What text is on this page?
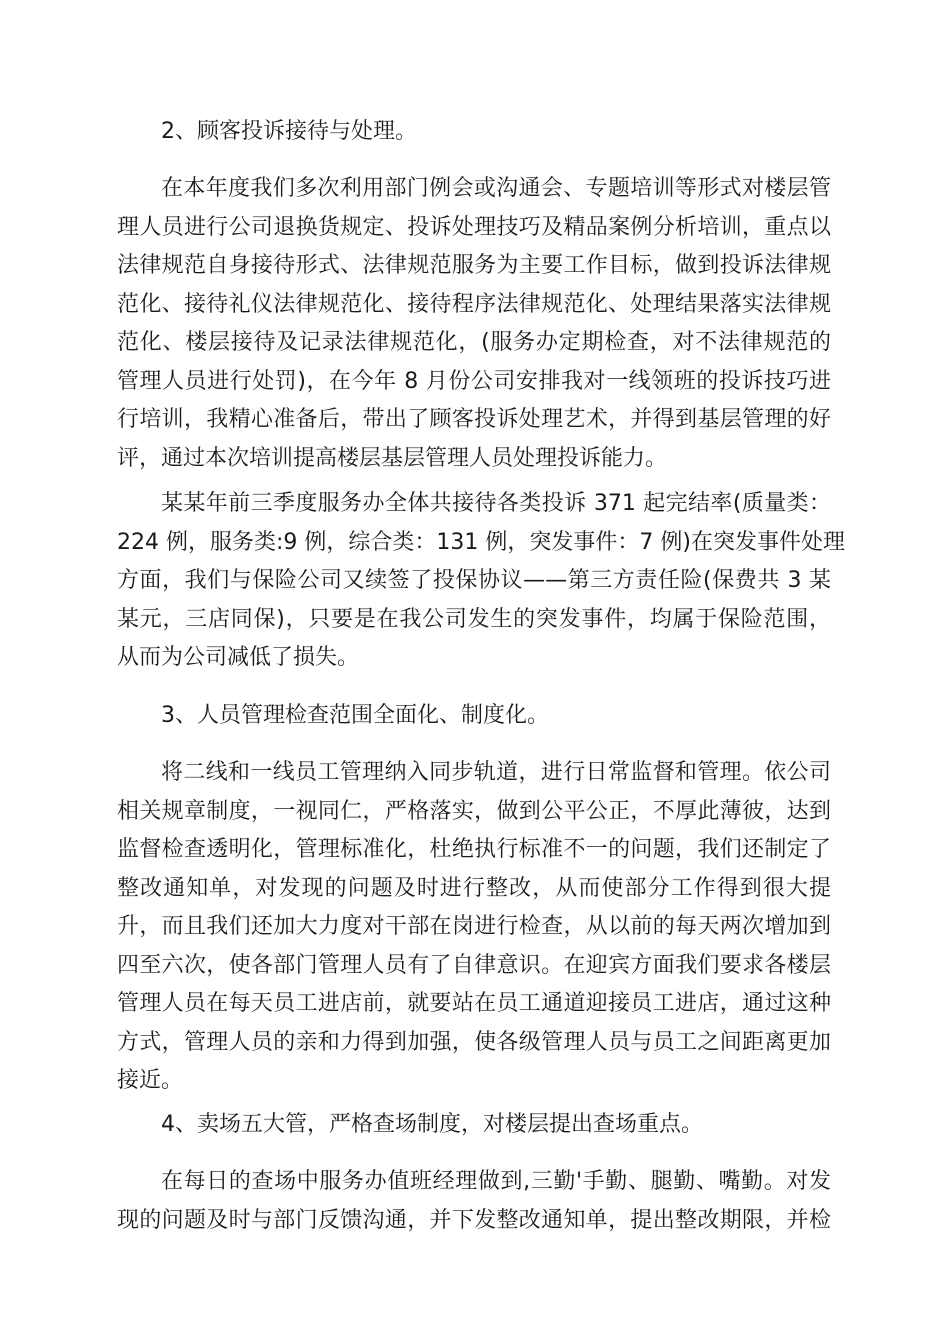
2、顾客投诉接待与处理。

在本年度我们多次利用部门例会或沟通会、专题培训等形式对楼层管
理人员进行公司退换货规定、投诉处理技巧及精品案例分析培训，重点以
法律规范自身接待形式、法律规范服务为主要工作目标，做到投诉法律规
范化、接待礼仪法律规范化、接待程序法律规范化、处理结果落实法律规
范化、楼层接待及记录法律规范化，(服务办定期检查，对不法律规范的
管理人员进行处罚)，在今年 8 月份公司安排我对一线领班的投诉技巧进
行培训，我精心准备后，带出了顾客投诉处理艺术，并得到基层管理的好
评，通过本次培训提高楼层基层管理人员处理投诉能力。
某某年前三季度服务办全体共接待各类投诉 371 起完结率(质量类：
224 例，服务类:9 例，综合类：131 例，突发事件：7 例)在突发事件处理
方面，我们与保险公司又续签了投保协议——第三方责任险(保费共 3 某
某元，三店同保)，只要是在我公司发生的突发事件，均属于保险范围，
从而为公司减低了损失。

3、人员管理检查范围全面化、制度化。

将二线和一线员工管理纳入同步轨道，进行日常监督和管理。依公司
相关规章制度，一视同仁，严格落实，做到公平公正，不厚此薄彼，达到
监督检查透明化，管理标准化，杜绝执行标准不一的问题，我们还制定了
整改通知单，对发现的问题及时进行整改，从而使部分工作得到很大提
升，而且我们还加大力度对干部在岗进行检查，从以前的每天两次增加到
四至六次，使各部门管理人员有了自律意识。在迎宾方面我们要求各楼层
管理人员在每天员工进店前，就要站在员工通道迎接员工进店，通过这种
方式，管理人员的亲和力得到加强，使各级管理人员与员工之间距离更加
接近。

4、卖场五大管，严格查场制度，对楼层提出查场重点。

在每日的查场中服务办值班经理做到,三勤'手勤、腿勤、嘴勤。对发
现的问题及时与部门反馈沟通，并下发整改通知单，提出整改期限，并检
